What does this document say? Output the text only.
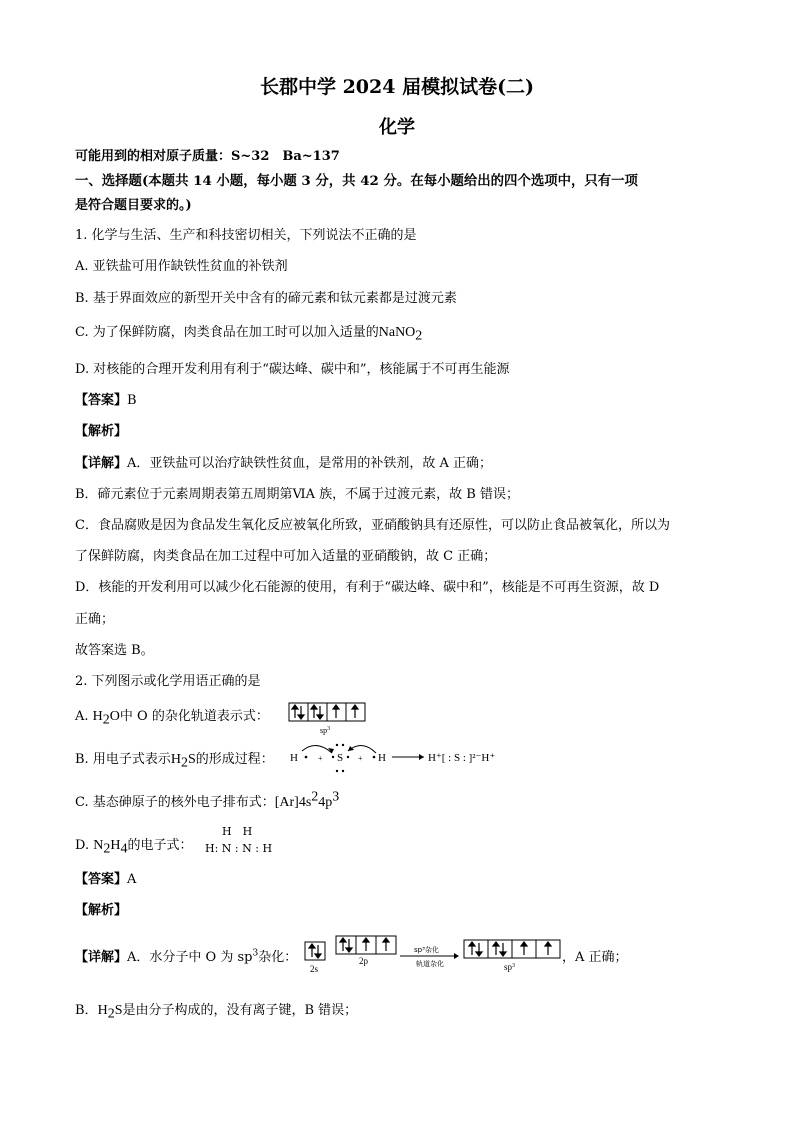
长郡中学 2024 届模拟试卷(二)
化学
可能用到的相对原子质量：S~32　Ba~137
一、选择题(本题共 14 小题，每小题 3 分，共 42 分。在每小题给出的四个选项中，只有一项
是符合题目要求的。)
1. 化学与生活、生产和科技密切相关，下列说法不正确的是
A. 亚铁盐可用作缺铁性贫血的补铁剂
B. 基于界面效应的新型开关中含有的碲元素和钛元素都是过渡元素
C. 为了保鲜防腐，肉类食品在加工时可以加入适量的NaNO$_2$
D. 对核能的合理开发利用有利于“碳达峰、碳中和”，核能属于不可再生能源
【答案】B
【解析】
【详解】A．亚铁盐可以治疗缺铁性贫血，是常用的补铁剂，故 A 正确；
B．碲元素位于元素周期表第五周期第ⅥA 族，不属于过渡元素，故 B 错误；
C．食品腐败是因为食品发生氧化反应被氧化所致，亚硝酸钠具有还原性，可以防止食品被氧化，所以为
了保鲜防腐，肉类食品在加工过程中可加入适量的亚硝酸钠，故 C 正确；
D．核能的开发利用可以减少化石能源的使用，有利于“碳达峰、碳中和”，核能是不可再生资源，故 D
正确；
故答案选 B。
2. 下列图示或化学用语正确的是
A. $H_2O$中 O 的杂化轨道表示式：
$sp^3$
B. 用电子式表示$H_2S$的形成过程： H	+ S + H	H⁺[ : S : ]²⁻H⁺
C. 基态砷原子的核外电子排布式：$[Ar]4s^24p^3$
D. $N_2H_4$的电子式：
H　H
H: N : N : H
【答案】A
【解析】
【详解】A．水分子中 O 为 $sp^3$杂化：	sp³杂化
轨道杂化
2s
2p
$sp^3$
，A 正确；
B．$H_2S$是由分子构成的，没有离子键，B 错误；
